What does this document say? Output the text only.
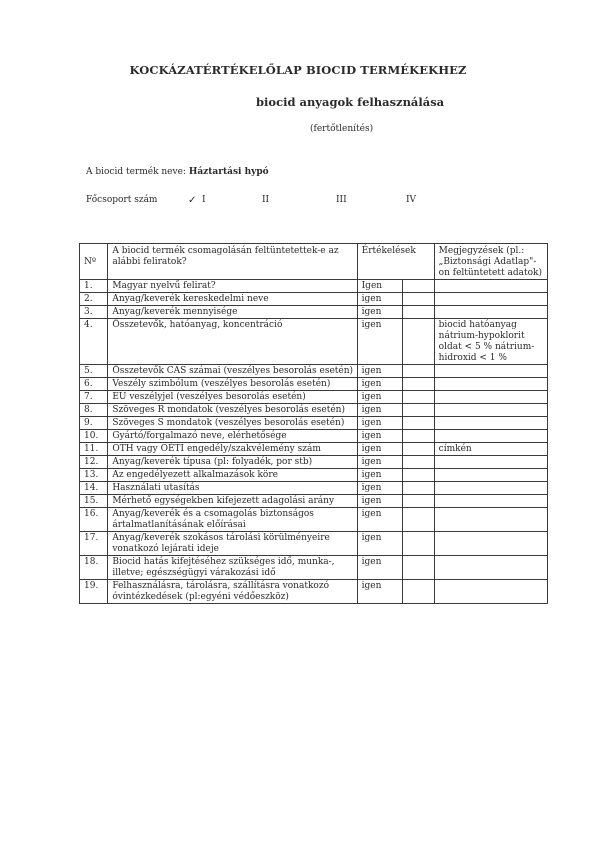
KOCKÁZATÉRTÉKELŐLAP BIOCID TERMÉKEKHEZ
biocid anyagok felhasználása
(fertőtlenítés)
A biocid termék neve: Háztartási hypó
Főcsoport szám	✓ I	II	III	IV
Nº	A biocid termék csomagolásán feltüntetettek-e az alábbi feliratok?	Értékelések		Megjegyzések (pl.: „Biztonsági Adatlap"-on feltüntetett adatok)
1.	Magyar nyelvű felirat?	Igen		
2.	Anyag/keverék kereskedelmi neve	igen		
3.	Anyag/keverék mennyisége	igen		
4.	Összetevők, hatóanyag, koncentráció	igen		biocid hatóanyag nátrium-hypoklorit oldat < 5 % nátrium-hidroxid < 1 %
5.	Összetevők CAS számai (veszélyes besorolás esetén)	igen		
6.	Veszély szimbólum (veszélyes besorolás esetén)	igen		
7.	EU veszélyjel (veszélyes besorolás esetén)	igen		
8.	Szöveges R mondatok (veszélyes besorolás esetén)	igen		
9.	Szöveges S mondatok (veszélyes besorolás esetén)	igen		
10.	Gyártó/forgalmazó neve, elérhetősége	igen		
11.	OTH vagy OÉTI engedély/szakvélemény szám	igen		címkén
12.	Anyag/keverék típusa (pl: folyadék, por stb)	igen		
13.	Az engedélyezett alkalmazások köre	igen		
14.	Használati utasítás	igen		
15.	Mérhető egységekben kifejezett adagolási arány	igen		
16.	Anyag/keverék és a csomagolás biztonságos ártalmatlanításának előírásai	igen		
17.	Anyag/keverék szokásos tárolási körülményeire vonatkozó lejárati ideje	igen		
18.	Biocid hatás kifejtéséhez szükséges idő, munka-, illetve; egészségügyi várakozási idő	igen		
19.	Felhasználásra, tárolásra, szállításra vonatkozó óvintézkedések (pl:egyéni védőeszköz)	igen		
